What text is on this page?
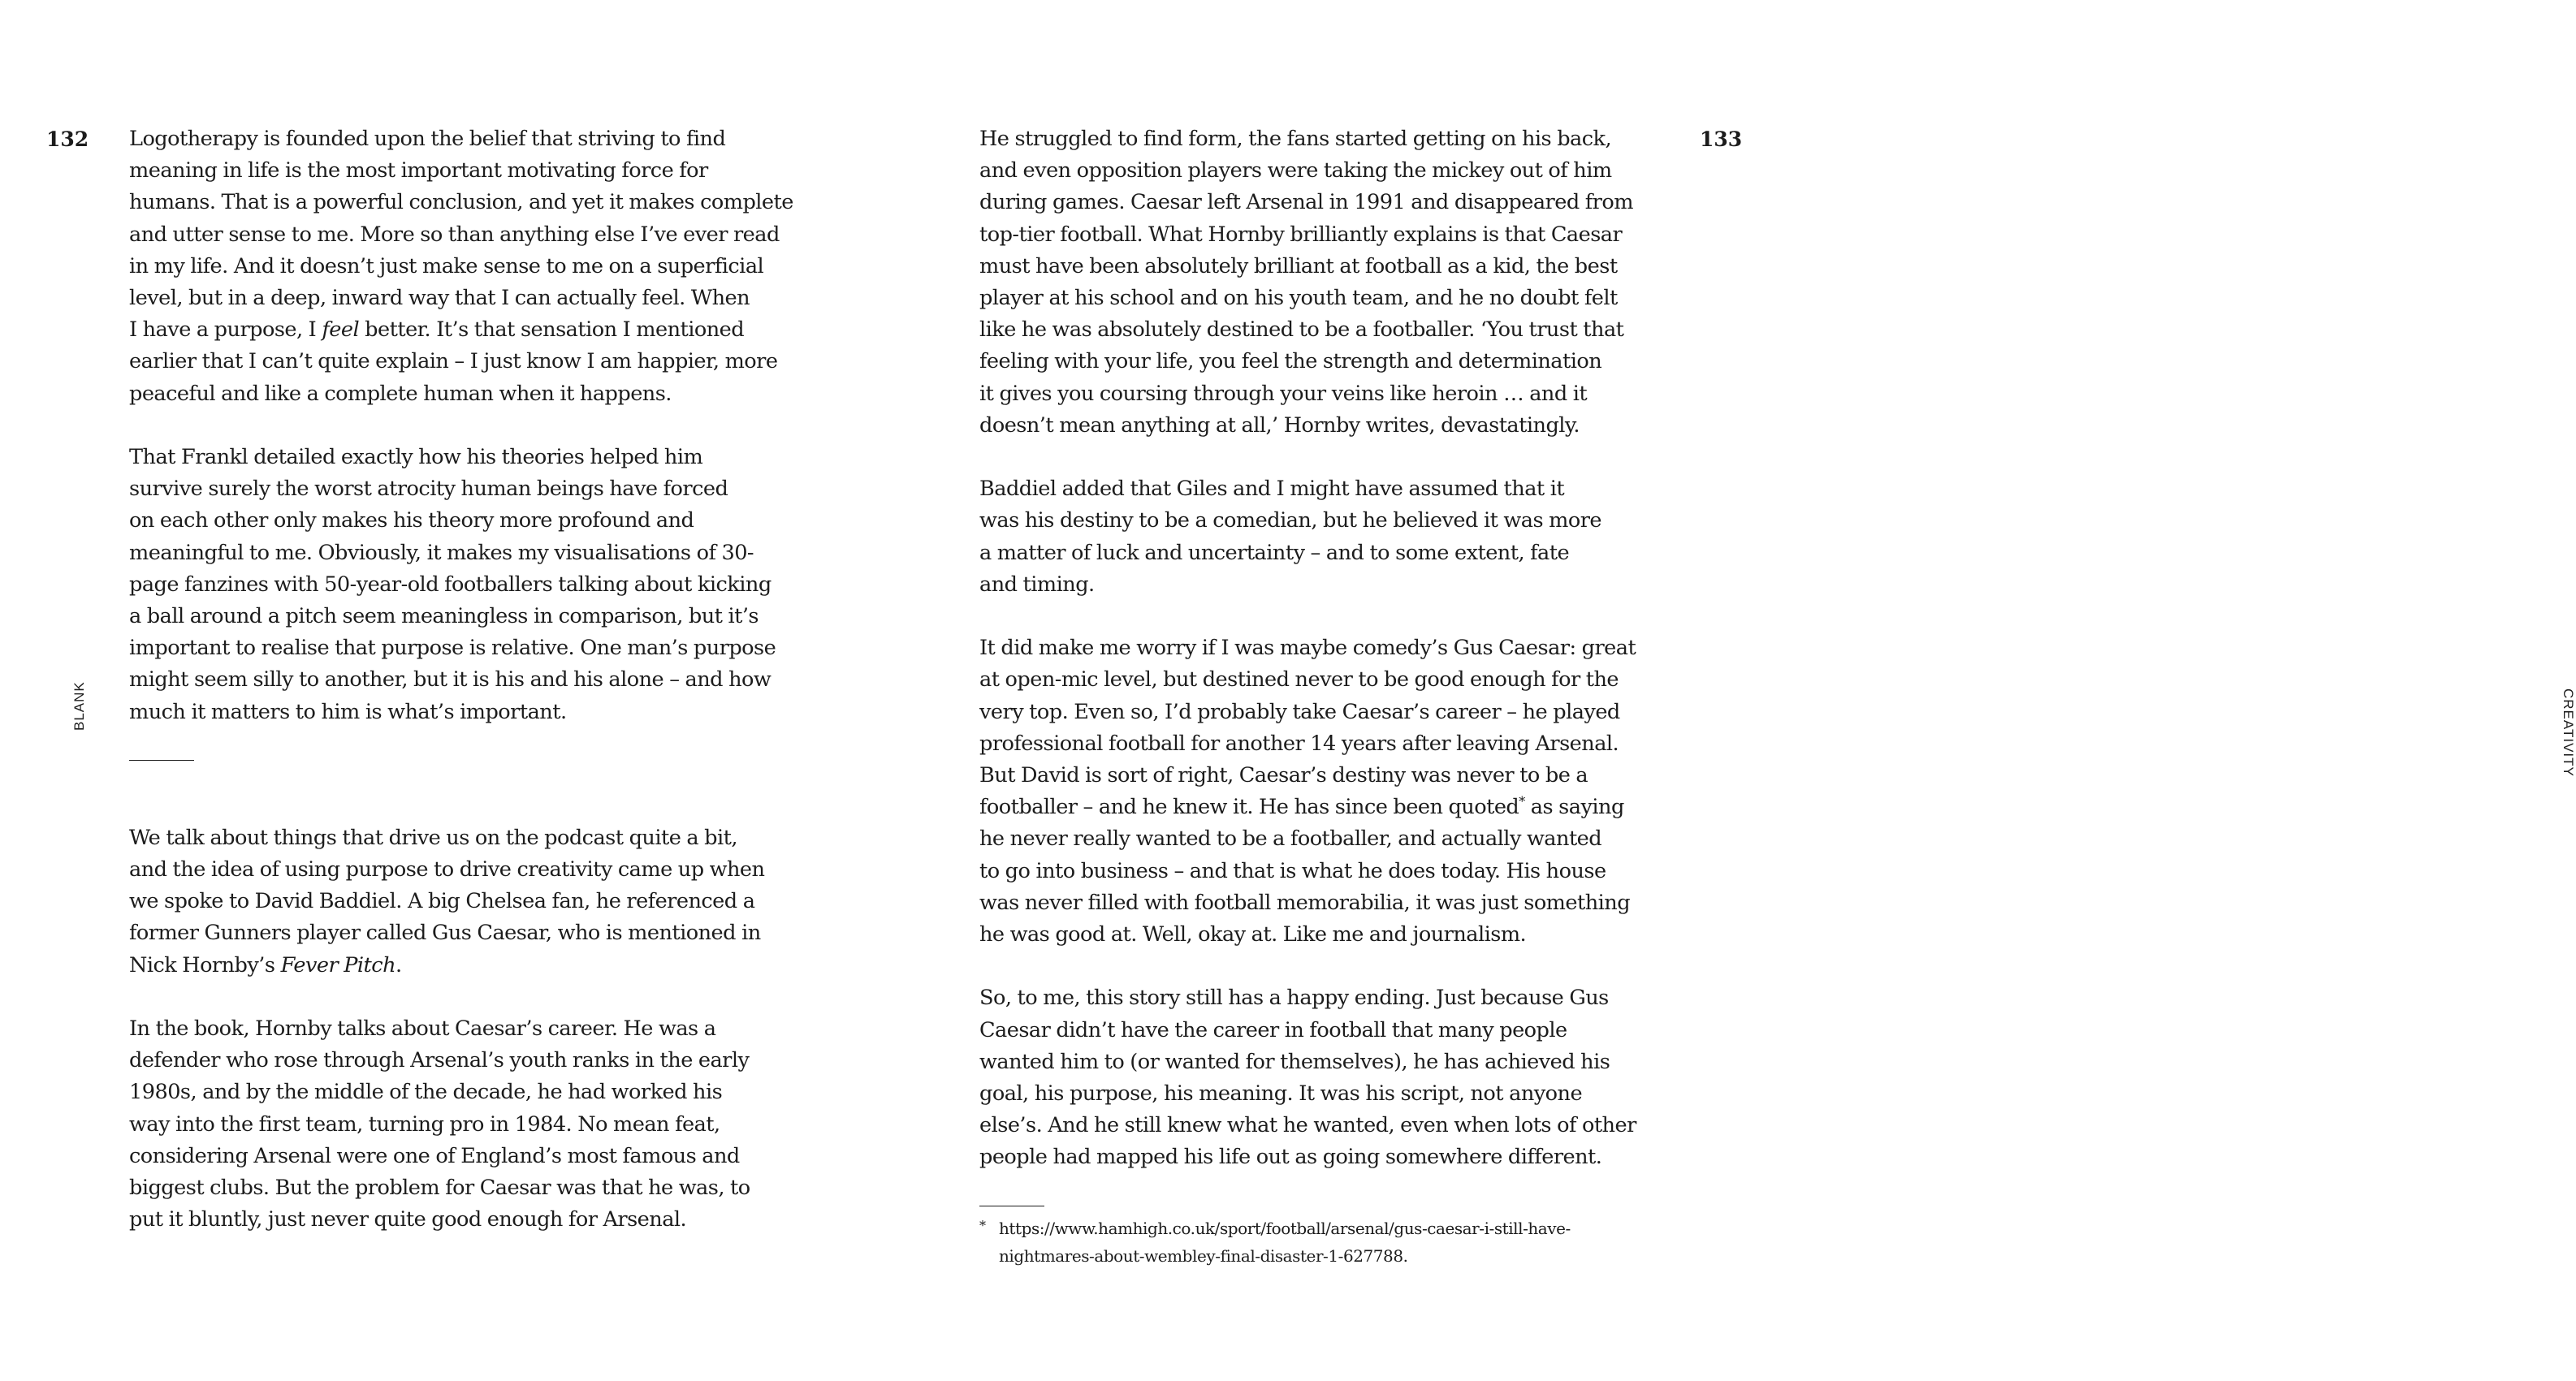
132

BLANK

Logotherapy is founded upon the belief that striving to find meaning in life is the most important motivating force for humans. That is a powerful conclusion, and yet it makes complete and utter sense to me. More so than anything else I’ve ever read in my life. And it doesn’t just make sense to me on a superficial level, but in a deep, inward way that I can actually feel. When I have a purpose, I feel better. It’s that sensation I mentioned earlier that I can’t quite explain – I just know I am happier, more peaceful and like a complete human when it happens.

That Frankl detailed exactly how his theories helped him survive surely the worst atrocity human beings have forced on each other only makes his theory more profound and meaningful to me. Obviously, it makes my visualisations of 30- page fanzines with 50-year-old footballers talking about kicking a ball around a pitch seem meaningless in comparison, but it’s important to realise that purpose is relative. One man’s purpose might seem silly to another, but it is his and his alone – and how much it matters to him is what’s important.

We talk about things that drive us on the podcast quite a bit, and the idea of using purpose to drive creativity came up when we spoke to David Baddiel. A big Chelsea fan, he referenced a former Gunners player called Gus Caesar, who is mentioned in Nick Hornby’s Fever Pitch.

In the book, Hornby talks about Caesar’s career. He was a defender who rose through Arsenal’s youth ranks in the early 1980s, and by the middle of the decade, he had worked his way into the first team, turning pro in 1984. No mean feat, considering Arsenal were one of England’s most famous and biggest clubs. But the problem for Caesar was that he was, to put it bluntly, just never quite good enough for Arsenal.

133

CREATIVITY

He struggled to find form, the fans started getting on his back, and even opposition players were taking the mickey out of him during games. Caesar left Arsenal in 1991 and disappeared from top-tier football. What Hornby brilliantly explains is that Caesar must have been absolutely brilliant at football as a kid, the best player at his school and on his youth team, and he no doubt felt like he was absolutely destined to be a footballer. ‘You trust that feeling with your life, you feel the strength and determination it gives you coursing through your veins like heroin … and it doesn’t mean anything at all,’ Hornby writes, devastatingly.

Baddiel added that Giles and I might have assumed that it was his destiny to be a comedian, but he believed it was more a matter of luck and uncertainty – and to some extent, fate and timing.

It did make me worry if I was maybe comedy’s Gus Caesar: great at open-mic level, but destined never to be good enough for the very top. Even so, I’d probably take Caesar’s career – he played professional football for another 14 years after leaving Arsenal. But David is sort of right, Caesar’s destiny was never to be a footballer – and he knew it. He has since been quoted* as saying he never really wanted to be a footballer, and actually wanted to go into business – and that is what he does today. His house was never filled with football memorabilia, it was just something he was good at. Well, okay at. Like me and journalism.

So, to me, this story still has a happy ending. Just because Gus Caesar didn’t have the career in football that many people wanted him to (or wanted for themselves), he has achieved his goal, his purpose, his meaning. It was his script, not anyone else’s. And he still knew what he wanted, even when lots of other people had mapped his life out as going somewhere different.

* https://www.hamhigh.co.uk/sport/football/arsenal/gus-caesar-i-still-have- nightmares-about-wembley-final-disaster-1-627788.
